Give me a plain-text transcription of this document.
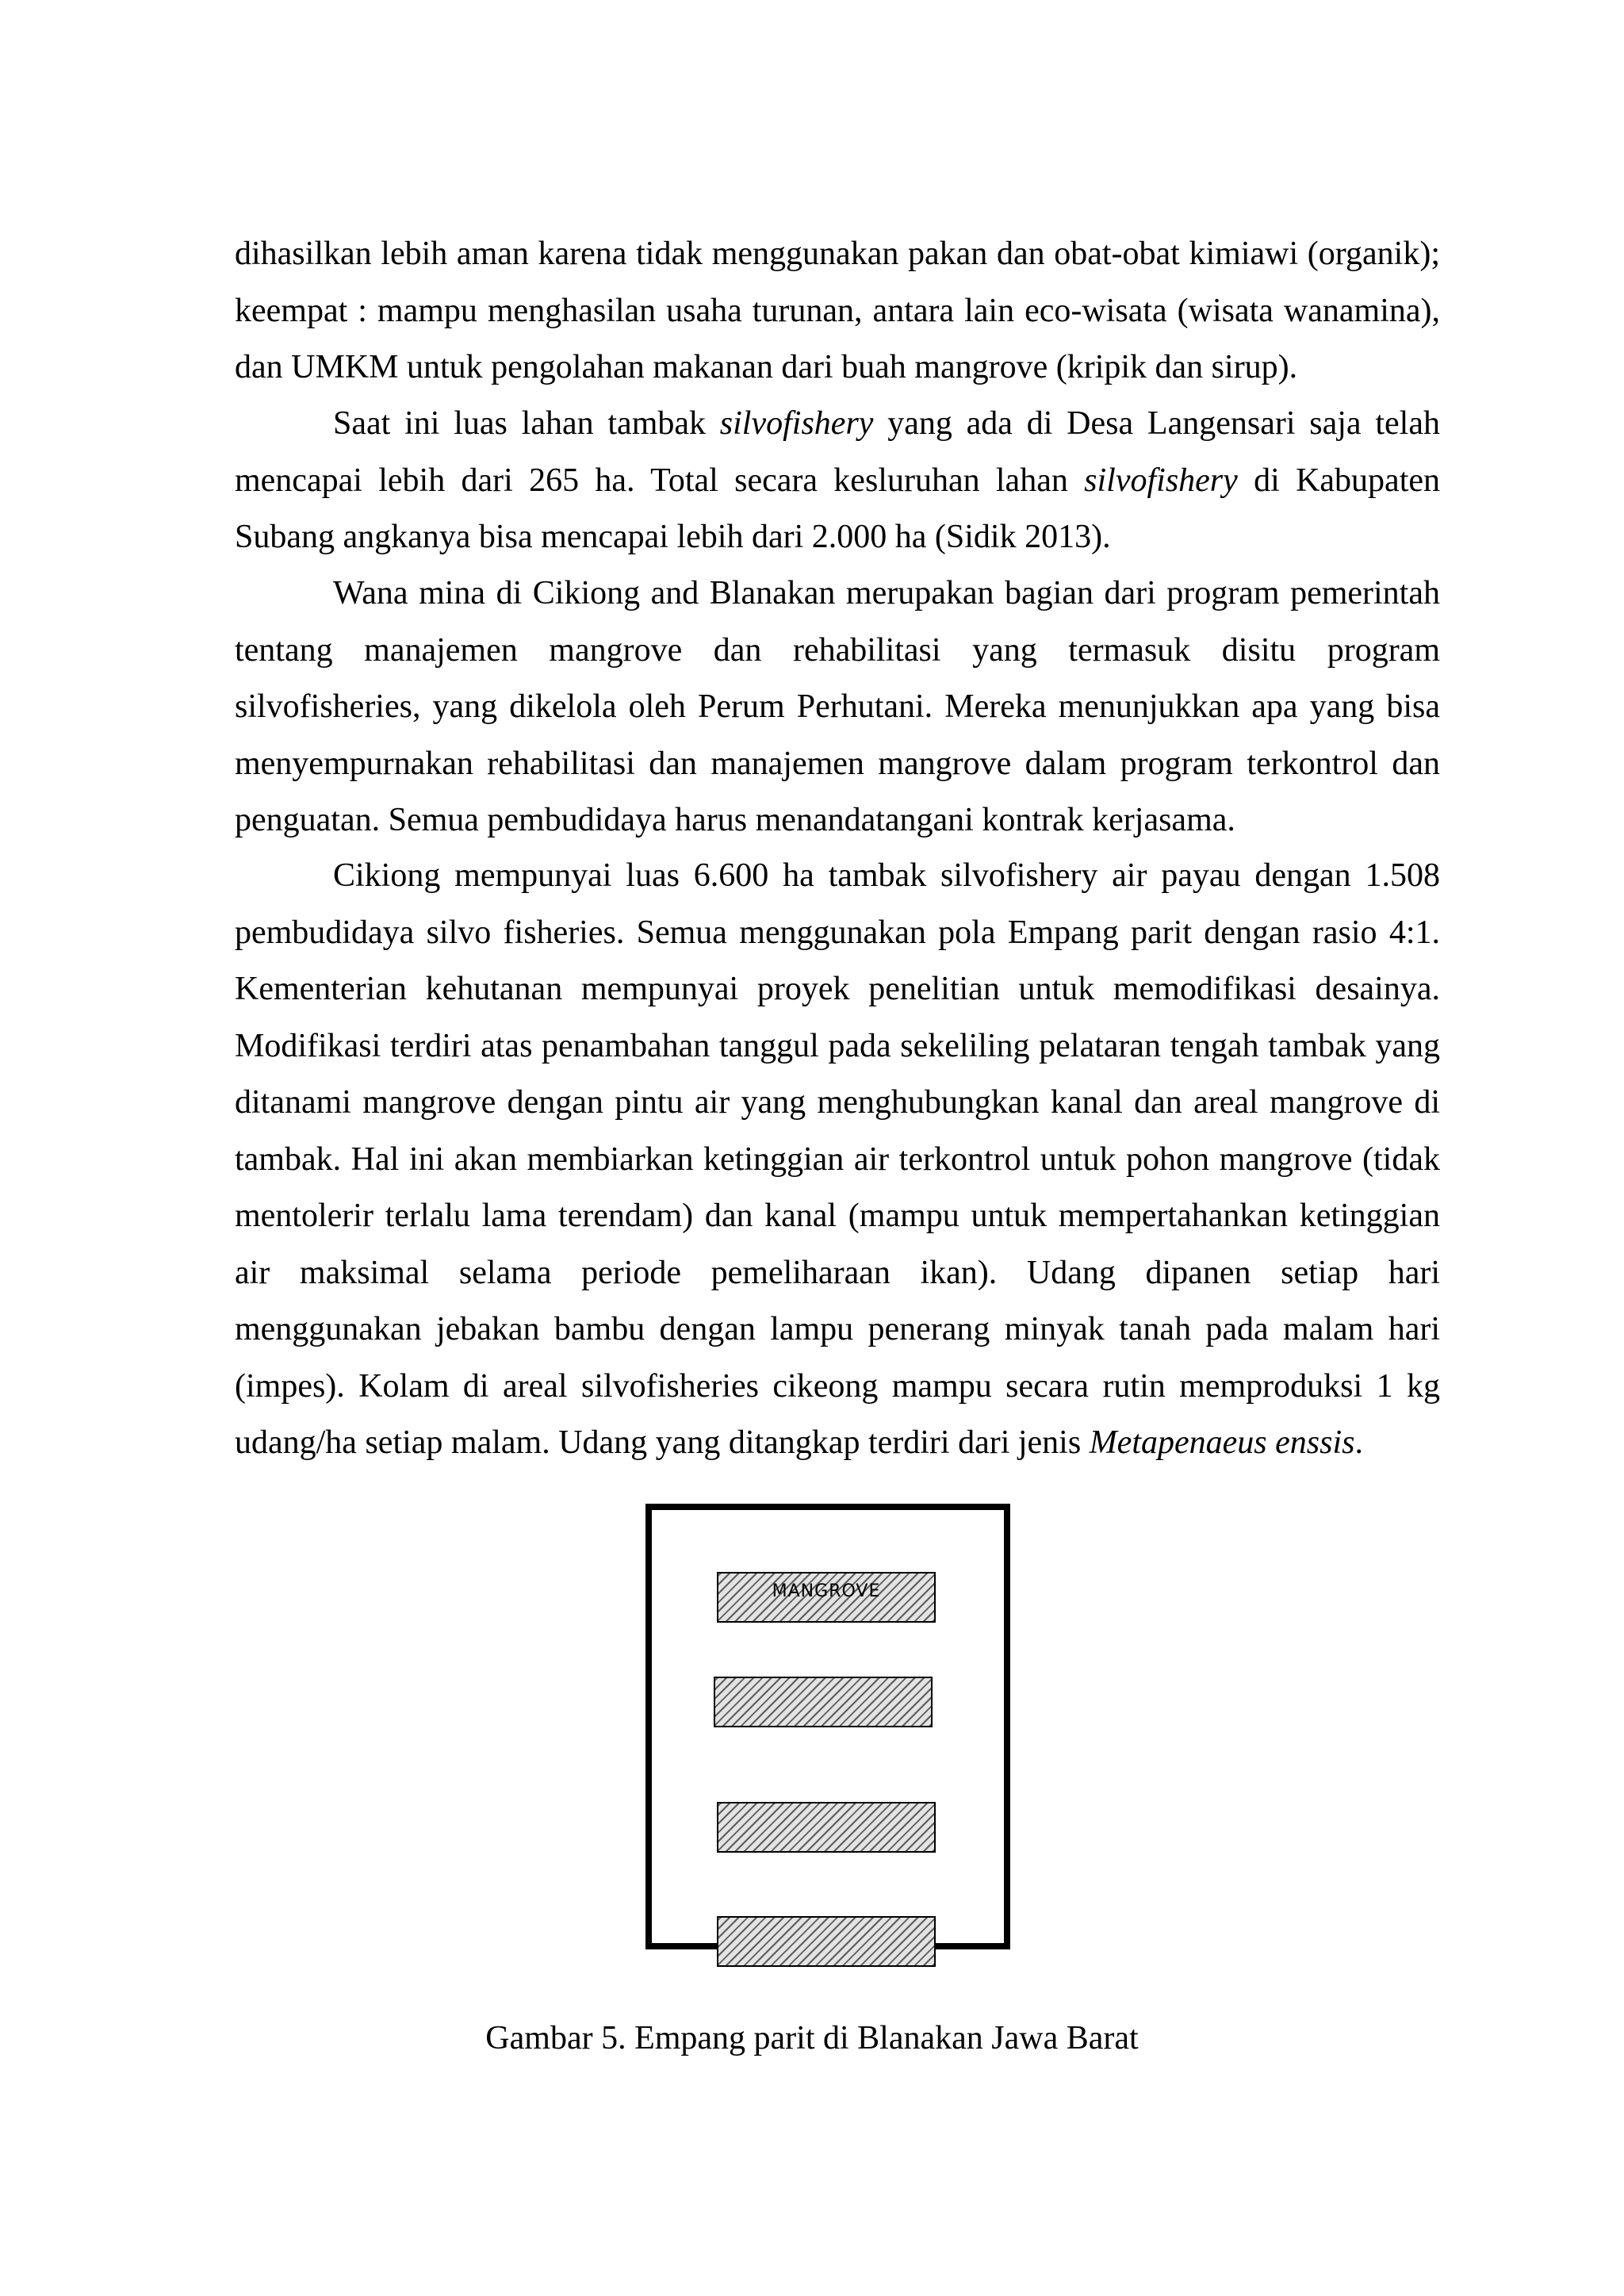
dihasilkan lebih aman karena tidak menggunakan pakan dan obat-obat kimiawi (organik); keempat : mampu menghasilan usaha turunan, antara lain eco-wisata (wisata wanamina), dan UMKM untuk pengolahan makanan dari buah mangrove (kripik dan sirup).

Saat ini luas lahan tambak silvofishery yang ada di Desa Langensari saja telah mencapai lebih dari 265 ha. Total secara kesluruhan lahan silvofishery di Kabupaten Subang angkanya bisa mencapai lebih dari 2.000 ha (Sidik 2013).

Wana mina di Cikiong and Blanakan merupakan bagian dari program pemerintah tentang manajemen mangrove dan rehabilitasi yang termasuk disitu program silvofisheries, yang dikelola oleh Perum Perhutani. Mereka menunjukkan apa yang bisa menyempurnakan rehabilitasi dan manajemen mangrove dalam program terkontrol dan penguatan. Semua pembudidaya harus menandatangani kontrak kerjasama.

Cikiong mempunyai luas 6.600 ha tambak silvofishery air payau dengan 1.508 pembudidaya silvo fisheries. Semua menggunakan pola Empang parit dengan rasio 4:1. Kementerian kehutanan mempunyai proyek penelitian untuk memodifikasi desainya. Modifikasi terdiri atas penambahan tanggul pada sekeliling pelataran tengah tambak yang ditanami mangrove dengan pintu air yang menghubungkan kanal dan areal mangrove di tambak. Hal ini akan membiarkan ketinggian air terkontrol untuk pohon mangrove (tidak mentolerir terlalu lama terendam) dan kanal (mampu untuk mempertahankan ketinggian air maksimal selama periode pemeliharaan ikan). Udang dipanen setiap hari menggunakan jebakan bambu dengan lampu penerang minyak tanah pada malam hari (impes). Kolam di areal silvofisheries cikeong mampu secara rutin memproduksi 1 kg udang/ha setiap malam. Udang yang ditangkap terdiri dari jenis Metapenaeus enssis.

MANGROVE
Gambar 5. Empang parit di Blanakan Jawa Barat
